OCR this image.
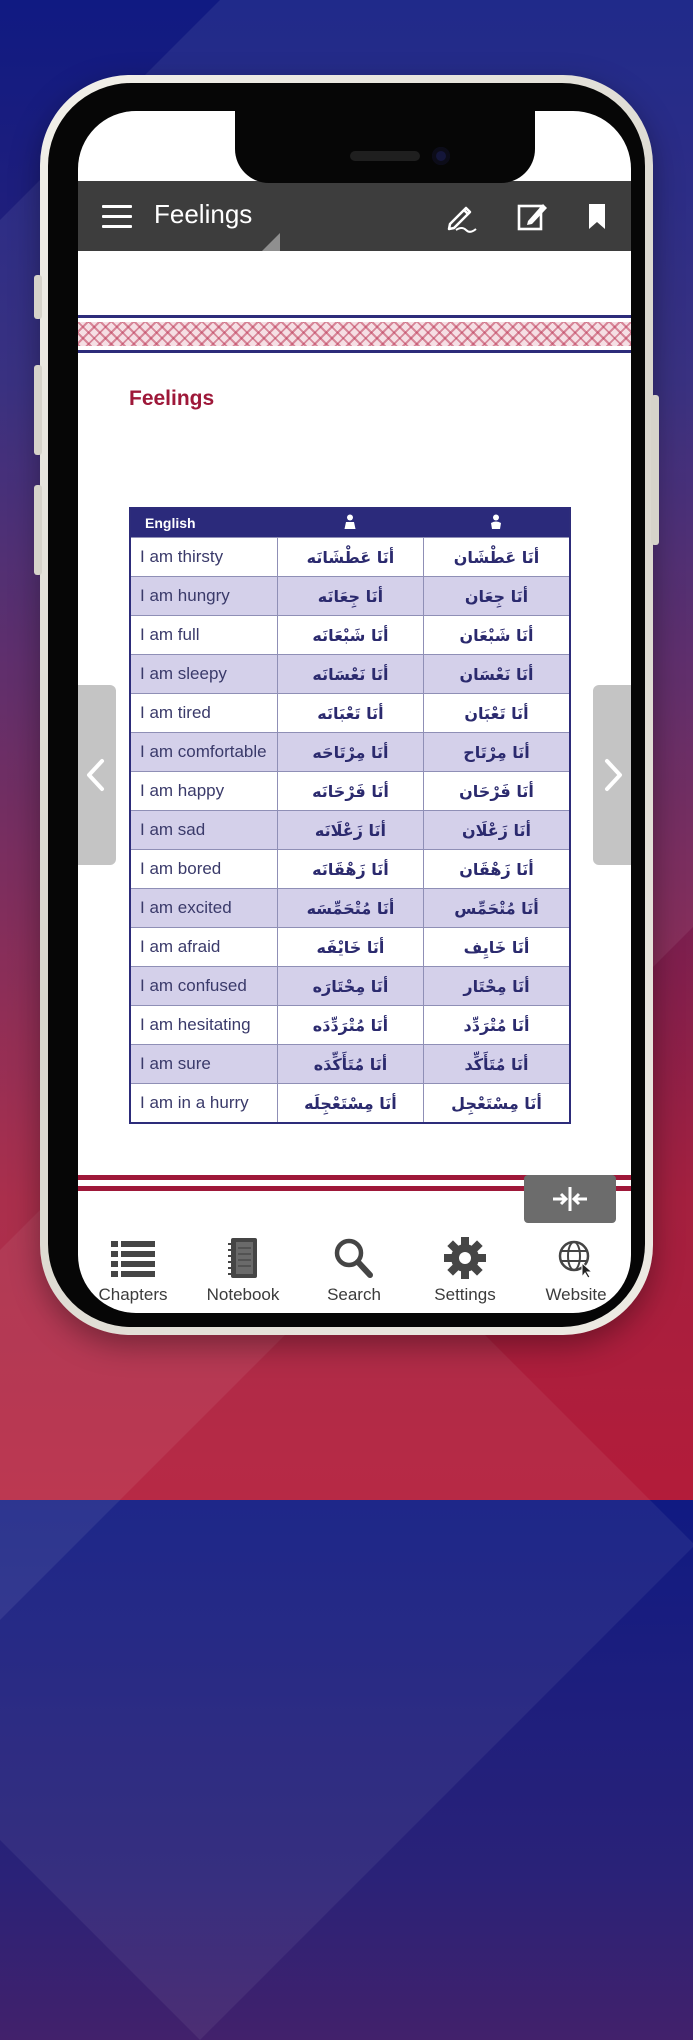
Feelings
Feelings
English		
I am thirsty	أنَا عَطْشَانَه	أنَا عَطْشَان
I am hungry	أنَا جِعَانَه	أنَا جِعَان
I am full	أنَا شَبْعَانَه	أنَا شَبْعَان
I am sleepy	أنَا نَعْسَانَه	أنَا نَعْسَان
I am tired	أنَا تَعْبَانَه	أنَا تَعْبَان
I am comfortable	أنَا مِرْتَاحَه	أنَا مِرْتَاح
I am happy	أنَا فَرْحَانَه	أنَا فَرْحَان
I am sad	أنَا زَعْلَانَه	أنَا زَعْلَان
I am bored	أنَا زَهْقَانَه	أنَا زَهْقَان
I am excited	أنَا مُتْحَمِّسَه	أنَا مُتْحَمِّس
I am afraid	أنَا خَايْفَه	أنَا خَايِف
I am confused	أنَا مِحْتَارَه	أنَا مِحْتَار
I am hesitating	أنَا مُتْرَدِّدَه	أنَا مُتْرَدِّد
I am sure	أنَا مُتَأَكِّدَه	أنَا مُتَأَكِّد
I am in a hurry	أنَا مِسْتَعْجِلَه	أنَا مِسْتَعْجِل
Chapters	Notebook	Search	Settings	Website
